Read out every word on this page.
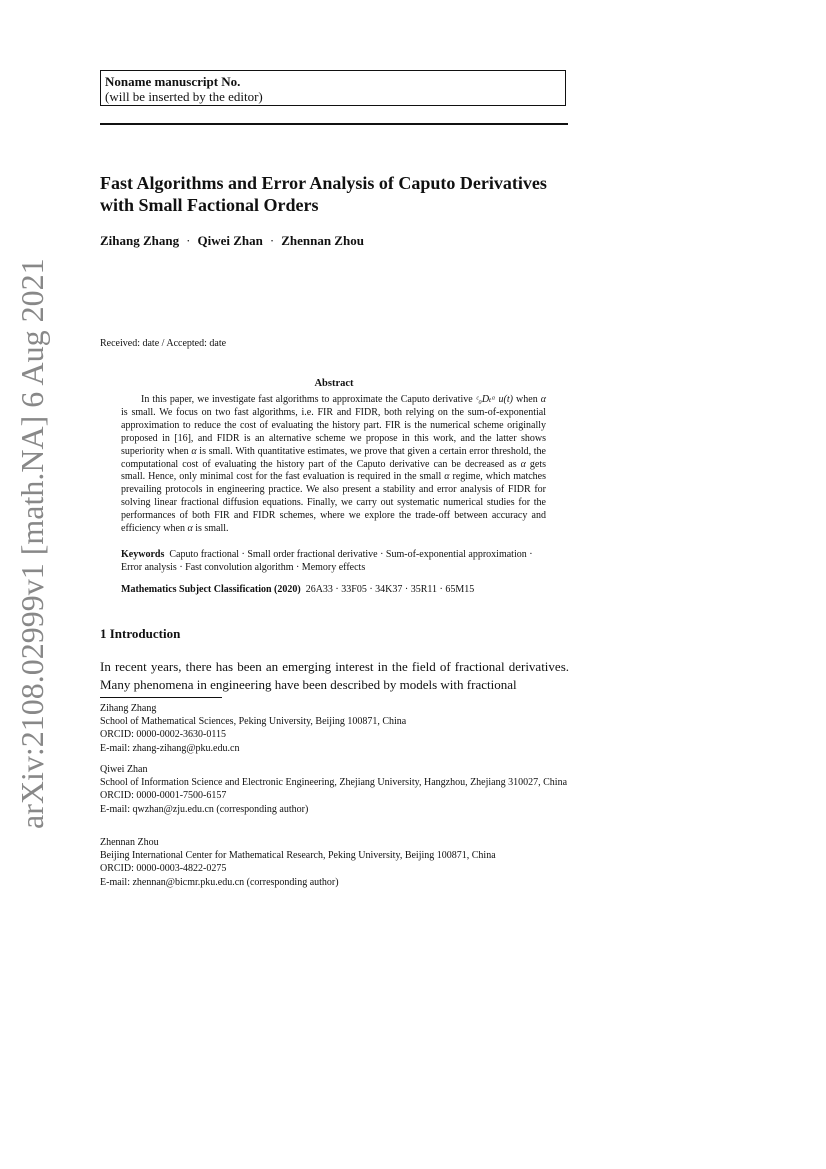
Noname manuscript No.
(will be inserted by the editor)
Fast Algorithms and Error Analysis of Caputo Derivatives with Small Factional Orders
Zihang Zhang · Qiwei Zhan · Zhennan Zhou
Received: date / Accepted: date
Abstract
In this paper, we investigate fast algorithms to approximate the Caputo derivative ᶜ₀Dₜᵅ u(t) when α is small. We focus on two fast algorithms, i.e. FIR and FIDR, both relying on the sum-of-exponential approximation to reduce the cost of evaluating the history part. FIR is the numerical scheme originally proposed in [16], and FIDR is an alternative scheme we propose in this work, and the latter shows superiority when α is small. With quantitative estimates, we prove that given a certain error threshold, the computational cost of evaluating the history part of the Caputo derivative can be decreased as α gets small. Hence, only minimal cost for the fast evaluation is required in the small α regime, which matches prevailing protocols in engineering practice. We also present a stability and error analysis of FIDR for solving linear fractional diffusion equations. Finally, we carry out systematic numerical studies for the performances of both FIR and FIDR schemes, where we explore the trade-off between accuracy and efficiency when α is small.
Keywords Caputo fractional · Small order fractional derivative · Sum-of-exponential approximation · Error analysis · Fast convolution algorithm · Memory effects
Mathematics Subject Classification (2020) 26A33 · 33F05 · 34K37 · 35R11 · 65M15
1 Introduction
In recent years, there has been an emerging interest in the field of fractional derivatives. Many phenomena in engineering have been described by models with fractional
Zihang Zhang
School of Mathematical Sciences, Peking University, Beijing 100871, China
ORCID: 0000-0002-3630-0115
E-mail: zhang-zihang@pku.edu.cn
Qiwei Zhan
School of Information Science and Electronic Engineering, Zhejiang University, Hangzhou, Zhejiang 310027, China
ORCID: 0000-0001-7500-6157
E-mail: qwzhan@zju.edu.cn (corresponding author)
Zhennan Zhou
Beijing International Center for Mathematical Research, Peking University, Beijing 100871, China
ORCID: 0000-0003-4822-0275
E-mail: zhennan@bicmr.pku.edu.cn (corresponding author)
arXiv:2108.02999v1 [math.NA] 6 Aug 2021
